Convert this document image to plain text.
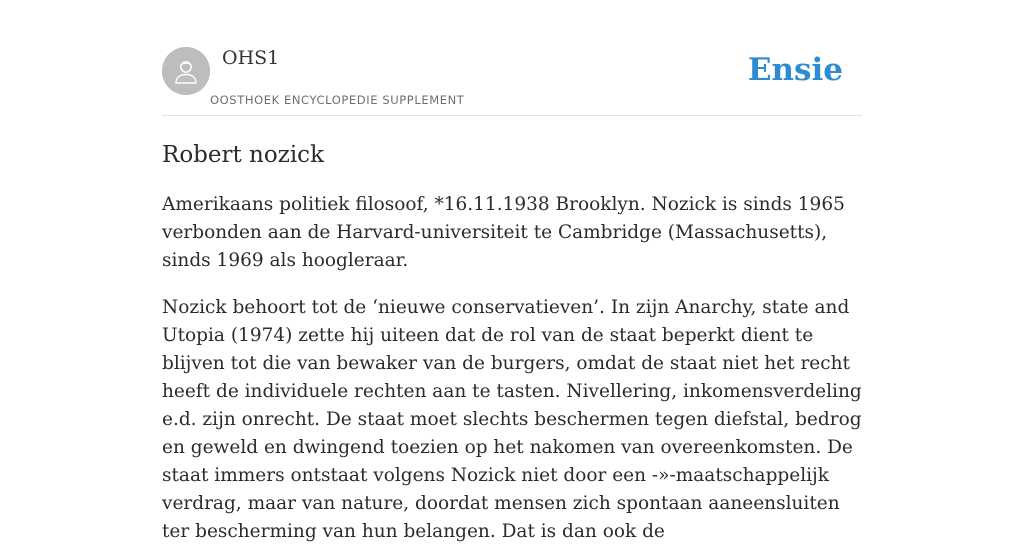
OHS1
OOSTHOEK ENCYCLOPEDIE SUPPLEMENT
Ensie
Robert nozick

Amerikaans politiek filosoof, *16.11.1938 Brooklyn. Nozick is sinds 1965 verbonden aan de Harvard-universiteit te Cambridge (Massachusetts), sinds 1969 als hoogleraar.

Nozick behoort tot de ‘nieuwe conservatieven’. In zijn Anarchy, state and Utopia (1974) zette hij uiteen dat de rol van de staat beperkt dient te blijven tot die van bewaker van de burgers, omdat de staat niet het recht heeft de individuele rechten aan te tasten. Nivellering, inkomensverdeling e.d. zijn onrecht. De staat moet slechts beschermen tegen diefstal, bedrog en geweld en dwingend toezien op het nakomen van overeenkomsten. De staat immers ontstaat volgens Nozick niet door een -»-maatschappelijk verdrag, maar van nature, doordat mensen zich spontaan aaneensluiten ter bescherming van hun belangen. Dat is dan ook de
